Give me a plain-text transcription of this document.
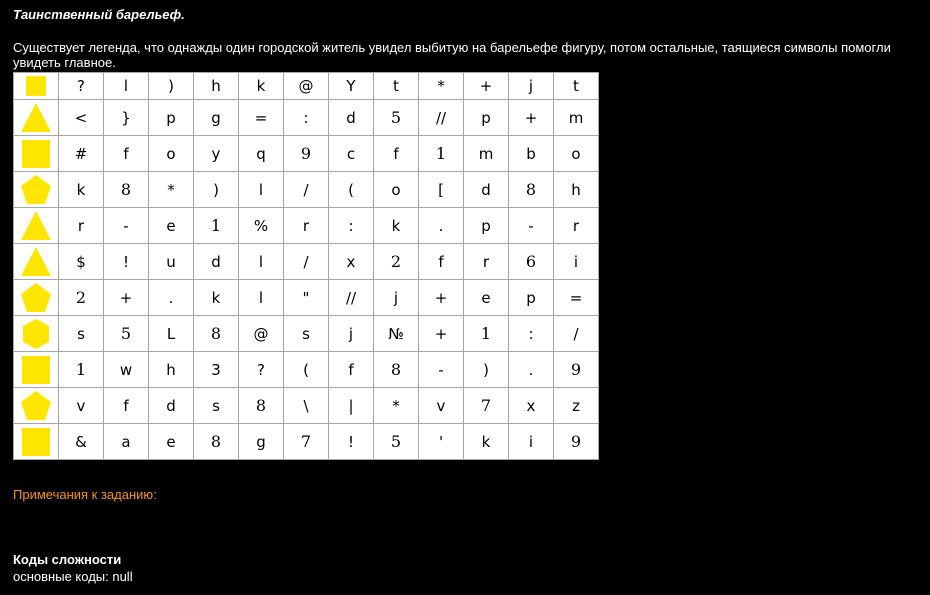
Таинственный барельеф.
Существует легенда, что однажды один городской житель увидел выбитую на барельефе фигуру, потом остальные, таящиеся символы помогли увидеть главное.
	?	l	)	h	k	@	Y	t	*	+	j	t

	<	}	p	g	=	:	d	5	//	p	+	m

	#	f	o	y	q	9	c	f	1	m	b	o

	k	8	*	)	l	/	(	o	[	d	8	h

	r	-	e	1	%	r	:	k	.	p	-	r

	$	!	u	d	l	/	x	2	f	r	6	i

	2	+	.	k	l	"	//	j	+	e	p	=

	s	5	L	8	@	s	j	№	+	1	:	/

	1	w	h	3	?	(	f	8	-	)	.	9

	v	f	d	s	8	\	|	*	v	7	x	z

	&	a	e	8	g	7	!	5	'	k	i	9
Примечания к заданию:
Коды сложности
основные коды: null
